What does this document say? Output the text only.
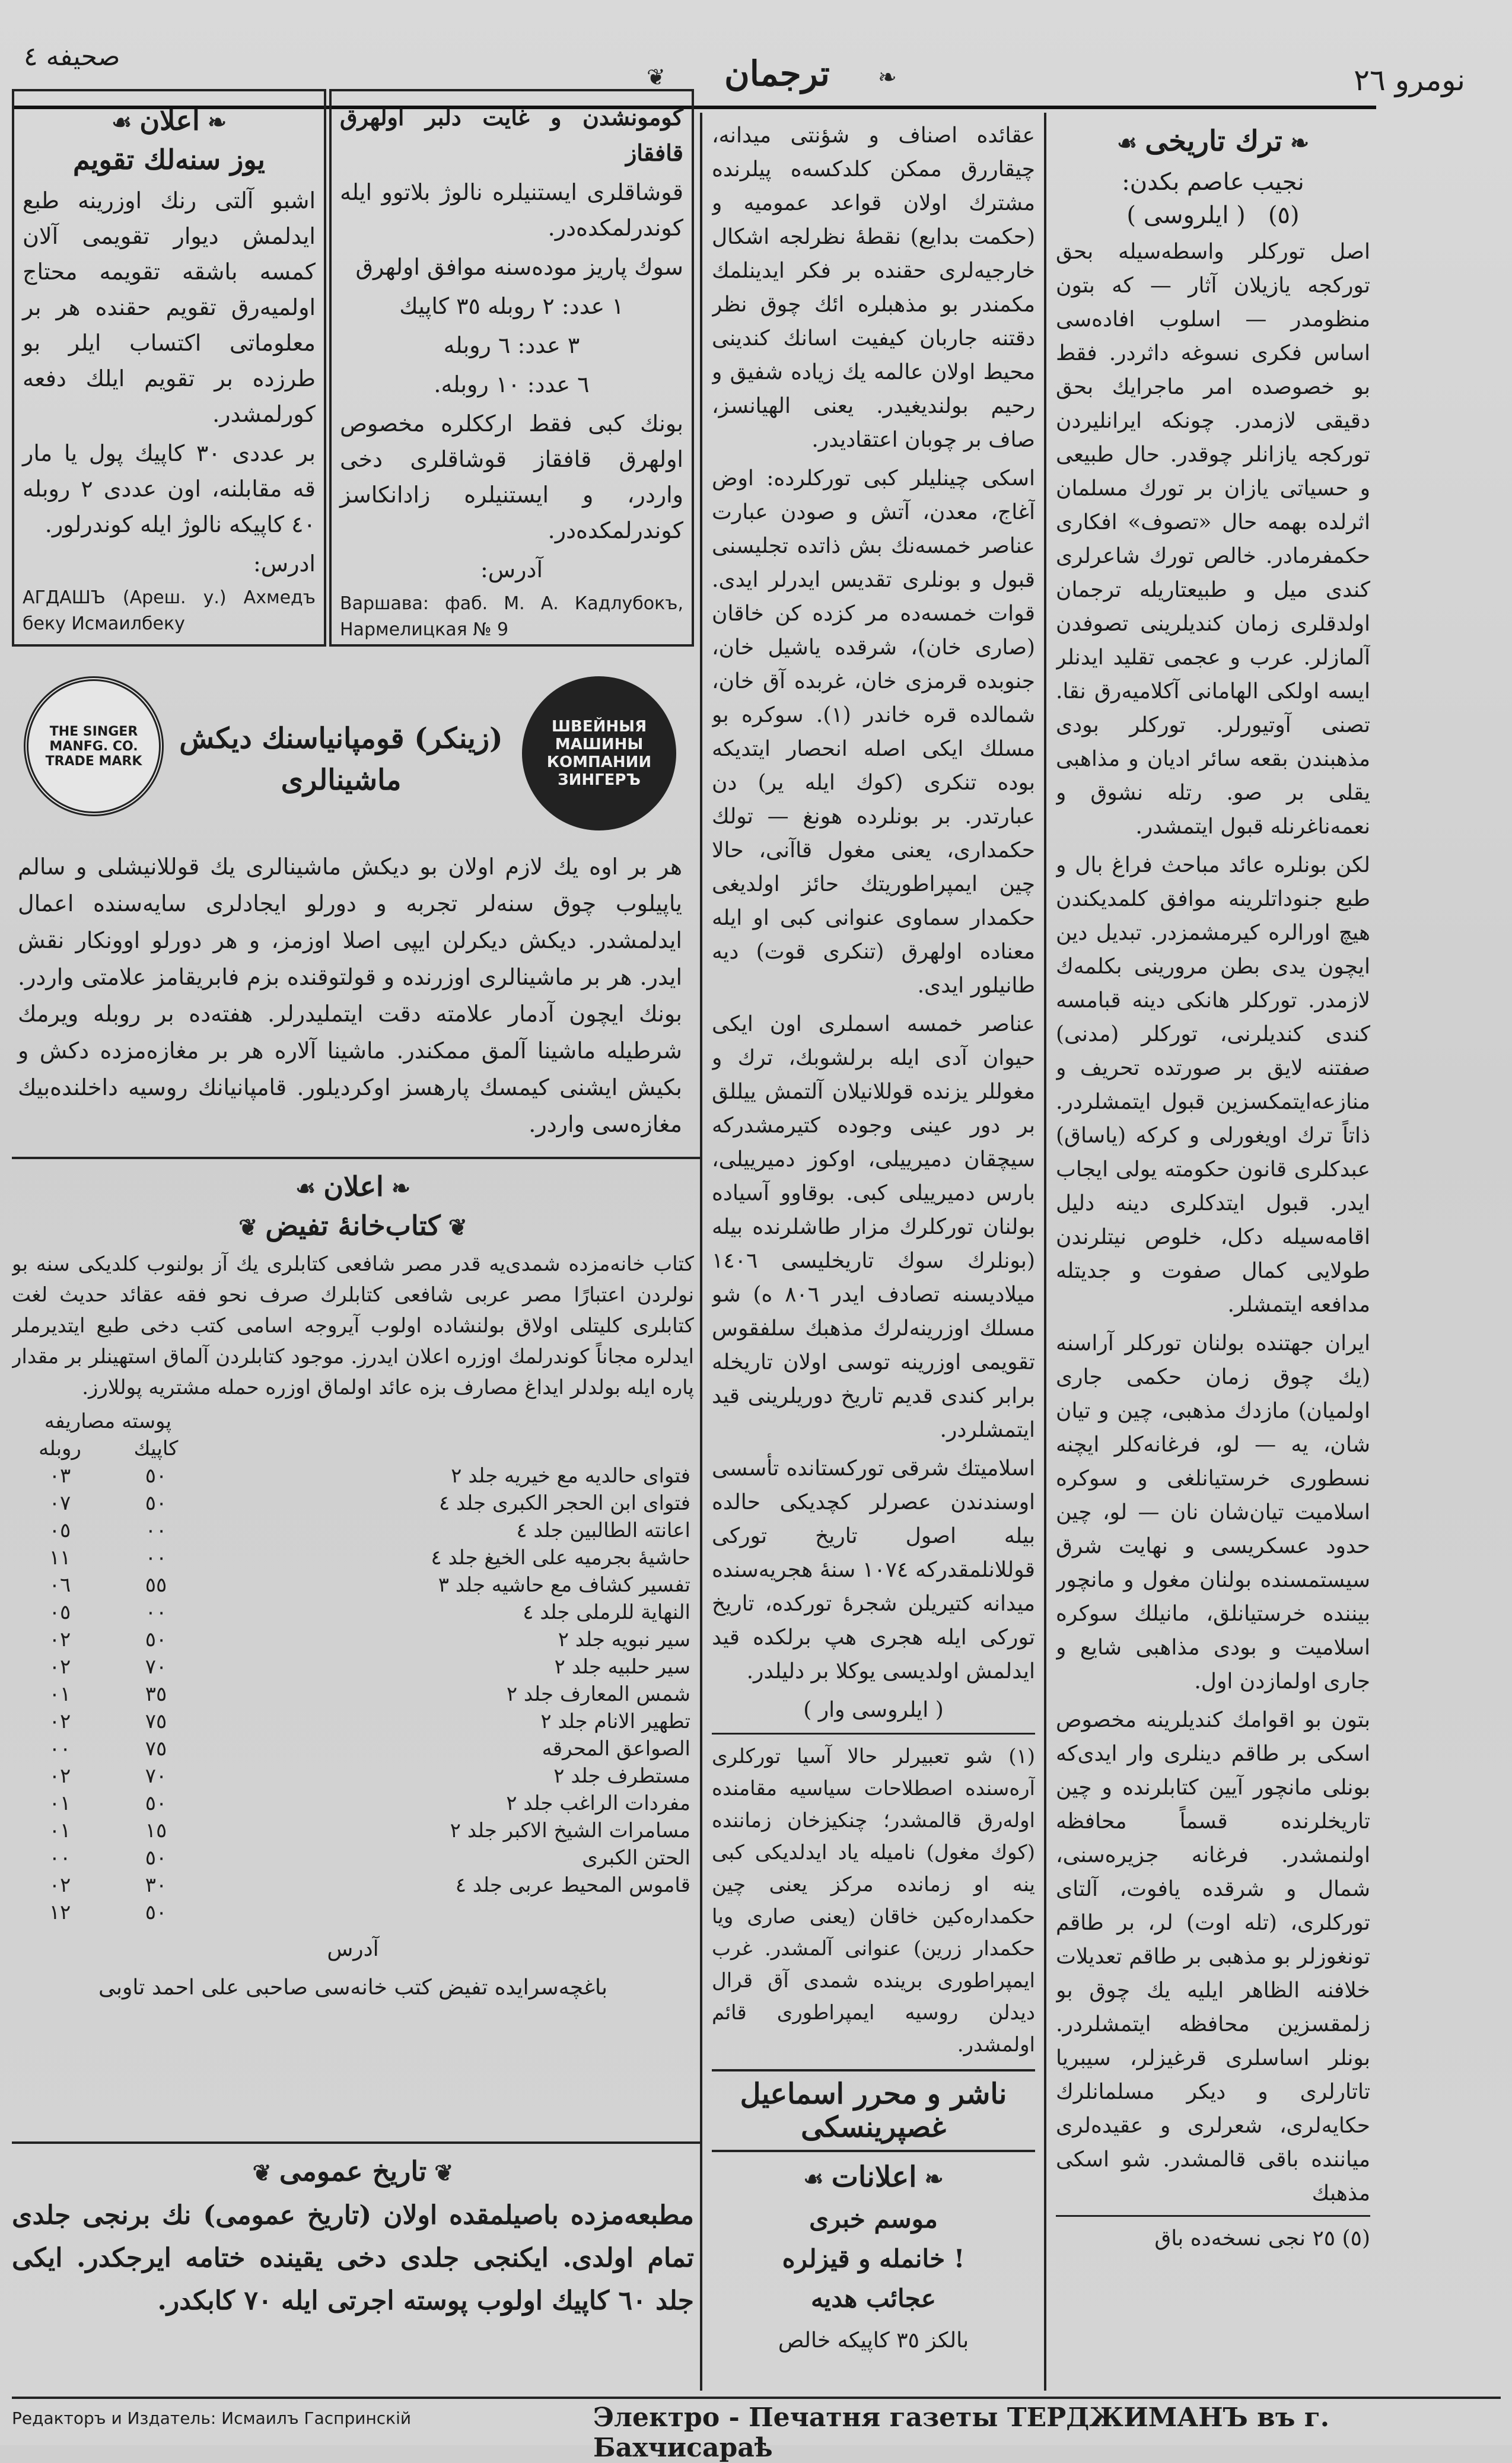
صحیفه ٤
❦	ترجمان	❧	نومرو ٢٦
❧ ترك تاریخی ☙
نجیب عاصم بكدن:
(٥)   ( ایلروسی )

اصل تورکلر واسطه‌سیله بحق تورکجه یازیلان آثار — که بتون منظومدر — اسلوب افاده‌سی اساس فکری نسوغه داثردر. فقط بو خصوصده امر ماجرایك بحق دقیقی لازمدر. چونكه ایرانلیردن تورکجه یازانلر چوقدر. حال طبیعی و حسیاتی یازان بر تورك مسلمان اثرلده بهمه حال «تصوف» افکاری حکمفرمادر. خالص تورك شاعرلری کندی میل و طبیعتاریله ترجمان اولدقلری زمان کندیلرینی تصوفدن آلمازلر. عرب و عجمی تقلید ایدنلر ایسه اولکی الهامانی آکلامیه‌رق نقا. تصنی آوتیورلر. تورکلر بودی مذهبندن بقعه سائر ادیان و مذاهبی یقلی بر صو. رتله نشوق و نعمه‌ناغرنله قبول ایتمشدر.

لکن بونلره عائد مباحث فراغ بال و طبع جنوداتلرینه موافق کلمدیکندن هیچ اورالره کیرمشمزدر. تبدیل دین ایچون یدی بطن مرورینی بکلمه‌ك لازمدر. تورکلر هانکی دینه قبامسه کندی کندیلرنی، تورکلر (مدنی) صفتنه لایق بر صورتده تحریف و منازعه‌ایتمکسزین قبول ایتمشلردر. ذاتاً ترك اویغورلی و کرکه (یاساق) عبدکلری قانون حکومته یولی ایجاب ایدر. قبول ایتدکلری دینه دلیل اقامه‌سیله دکل، خلوص نیتلرندن طولایی کمال صفوت و جدیتله مدافعه ایتمشلر.

ایران جهتنده بولنان تورکلر آراسنه (یك چوق زمان حکمی جاری اولمیان) مازدك مذهبی، چین و تیان شان، یه — لو، فرغانه‌کلر ایچنه نسطوری خرستیانلغی و سوکره اسلامیت تیان‌شان نان — لو، چین حدود عسکریسی و نهایت شرق سیستمسنده بولنان مغول و مانچور بیننده خرستیانلق، مانیلك سوکره اسلامیت و بودی مذاهبی شایع و جاری اولمازدن اول.

بتون بو اقوامك کندیلرینه مخصوص اسكی بر طاقم دینلری وار ایدی‌که بونلی مانچور آیین کتابلرنده و چین تاریخلرنده قسماً محافظه اولنمشدر. فرغانه جزیره‌سنی، شمال و شرقده یافوت، آلتای تورکلری، (تله اوت) لر، بر طاقم تونغوزلر بو مذهبی بر طاقم تعدیلات خلافنه الظاهر ایلیه یك چوق بو زلمقسزین محافظه ایتمشلردر. بونلر اساسلری قرغیزلر، سیبریا تاتارلری و دیکر مسلمانلرك حكايه‌لری، شعرلری و عقیده‌لری میاننده باقی قالمشدر. شو اسكی مذهبك

(٥) ٢٥ نجی نسخه‌ده باق

عقائده اصناف و شؤنتی میدانه، چیقاررق ممکن کلدکسه‌ه پیلرنده مشترك اولان قواعد عمومیه و (حکمت بدایع) نقطهٔ نظرلجه اشکال خارجیه‌لری حقنده بر فکر ایدینلمك مکمندر بو مذهبلره ائك چوق نظر دقتنه جاربان کیفیت اسانك کندینی محیط اولان عالمه یك زیاده شفیق و رحیم بولندیغیدر. یعنی الهیانسز، صاف بر چوبان اعتقادیدر.

اسكی چینلیلر کبی تورکلرده: اوض آغاج، معدن، آتش و صودن عبارت عناصر خمسه‌نك بش ذاتده تجلیسنی قبول و بونلری تقدیس ایدرلر ایدی. قوات خمسه‌ده مر کزده کن خاقان (صاری خان)، شرقده یاشیل خان، جنوبده قرمزی خان، غربده آق خان، شمالده قره خاندر (١). سوکره بو مسلك ایکی اصله انحصار ایتدیکه بوده تنکری (کوك ایله یر) دن عبارتدر. بر بونلرده هونغ — تولك حکمداری، یعنی مغول قاآنی، حالا چین ایمپراطوریتك حائز اولدیغی حکمدار سماوی عنوانی کبی او ایله معناده اولهرق (تنکری قوت) دیه طانیلور ایدی.

عناصر خمسه اسملری اون ایکی حیوان آدی ایله برلشوبك، ترك و مغوللر یزنده قوللانیلان آلتمش ییللق بر دور عینی وجوده کتیرمشدرکه سیچقان دمیرییلی، اوکوز دمیرییلی، بارس دمیرییلی کبی. بوقاوو آسیاده بولنان تورکلرك مزار طاشلرنده بیله (بونلرك سوك تاریخلیسی ١٤٠٦ میلادیسنه تصادف ایدر ٨٠٦ ه) شو مسلك اوزرینه‌لرك مذهبك سلفقوس تقویمی اوزرینه توسی اولان تاریخله برابر کندی قدیم تاریخ دوریلرینی قید ایتمشلردر.

اسلامیتك شرقی تورکستانده تأسسی اوسندندن عصرلر کچدیکی حالده بیله اصول تاریخ تورکی قوللانلمقدرکه ١٠٧٤ سنهٔ هجریه‌سنده میدانه کتیریلن شجرهٔ تورکده، تاریخ تورکی ایله هجری هپ برلکده قید ایدلمش اولدیسی یوکلا بر دلیلدر.

( ایلروسی وار )

(١) شو تعبیرلر حالا آسیا تورکلری آره‌سنده اصطلاحات سیاسیه مقامنده اوله‌رق قالمشدر؛ چنکیزخان زماننده (کوك مغول) نامیله یاد ایدلدیکی کبی ینه او زمانده مرکز یعنی چین حکمداره‌کین خاقان (یعنی صاری ویا حکمدار زرین) عنوانی آلمشدر. غرب ایمپراطوری برینده شمدی آق قرال دیدلن روسیه ایمپراطوری قائم اولمشدر.

ناشر و محرر اسماعیل غصپرینسکی
❧ اعلانات ☙
موسم خبری
! خانمله و قیزلره
عجائب هدیه

بالکز ٣٥ کاپیکه خالص

کومونشدن و غایت دلبر اولهرق قافقاز

قوشاقلری ایستنیلره نالوژ بلاتوو ایله کوندرلمکده‌در.

سوك پاریز موده‌سنه موافق اولهرق

١ عدد: ٢ روبله ٣٥ کاپیك

٣ عدد: ٦ روبله

٦ عدد: ١٠ روبله.

بونك کبی فقط ارککلره مخصوص اولهرق قافقاز قوشاقلری دخی واردر، و ایستنیلره زادانکاسز کوندرلمکده‌در.

آدرس:

Варшава: фаб. М. А. Кадлубокъ, Нармелицкая № 9

❧ اعلان ☙
یوز سنه‌لك تقویم

اشبو آلتی رنك اوزرینه طبع ایدلمش دیوار تقویمی آلان کمسه باشقه تقویمه محتاج اولمیه‌رق تقویم حقنده هر بر معلوماتی اکتساب ایلر بو طرزده بر تقویم ایلك دفعه کورلمشدر.

بر عددی ٣٠ کاپیك پول یا مار قه مقابلنه، اون عددی ٢ روبله ٤٠ کاپیکه نالوژ ایله کوندرلور.

ادرس:

АГДАШЪ (Ареш. у.) Ахмедъ беку Исмаилбеку

THE SINGER MANFG. CO. TRADE MARK
ШВЕЙНЫЯ МАШИНЫ КОМПАНИИ ЗИНГЕРЪ
(زینکر) قومپانیاسنك دیکش ماشینالری

هر بر اوه یك لازم اولان بو دیکش ماشینالری یك قوللانیشلی و سالم یاپیلوب چوق سنه‌لر تجربه و دورلو ایجادلری سایه‌سنده اعمال ایدلمشدر. دیکش دیکرلن ایپی اصلا اوزمز، و هر دورلو اوونکار نقش ایدر. هر بر ماشینالری اوزرنده و قولتوقنده بزم فابریقامز علامتی واردر. بونك ایچون آدمار علامته دقت ایتملیدرلر. هفته‌ده بر روبله ویرمك شرطیله ماشینا آلمق ممکندر. ماشینا آلاره هر بر مغازه‌مزده دکش و بکیش ایشنی کیمسك پارهسز اوکردیلور. قامپانیانك روسیه داخلنده‌بیك مغازه‌سی واردر.

❧ اعلان ☙
❦ کتاب‌خانهٔ تفیض ❦

کتاب خانه‌مزده شمدی‌یه قدر مصر شافعی کتابلری یك آز بولنوب کلدیکی سنه بو نولردن اعتبارًا مصر عربی شافعی کتابلرك صرف نحو فقه عقائد حدیث لغت کتابلری کلیتلی اولاق بولنشاده اولوب آیروجه اسامی کتب دخی طبع ایتدیرملر ایدلره مجاناً کوندرلمك اوزره اعلان ایدرز. موجود کتابلردن آلماق استهینلر بر مقدار پاره ایله بولدلر ایداغ مصارف بزه عائد اولماق اوزره حمله مشتریه پوللارز.

	پوسته مصاریفه	
	کاپیك	روبله
فتوای حالدیه مع خیریه جلد ٢	٥٠	٠٣
فتوای ابن الحجر الکبری جلد ٤	٥٠	٠٧
اعانته الطالبین جلد ٤	٠٠	٠٥
حاشیهٔ بجرمیه علی الخیغ جلد ٤	٠٠	١١
تفسیر کشاف مع حاشیه جلد ٣	٥٥	٠٦
النهایة للرملی جلد ٤	٠٠	٠٥
سیر نبویه جلد ٢	٥٠	٠٢
سیر حلبیه جلد ٢	٧٠	٠٢
شمس المعارف جلد ٢	٣٥	٠١
تطهیر الانام جلد ٢	٧٥	٠٢
الصواعق المحرقه	٧٥	٠٠
مستطرف جلد ٢	٧٠	٠٢
مفردات الراغب جلد ٢	٥٠	٠١
مسامرات الشیخ الاکبر جلد ٢	١٥	٠١
الحتن الکبری	٥٠	٠٠
قاموس المحیط عربی جلد ٤	٣٠	٠٢
	٥٠	١٢

آدرس

باغچه‌سرایده تفیض کتب خانه‌سی صاحبی علی احمد تاوبی

❦ تاریخ عمومی ❦

مطبعه‌مزده باصیلمقده اولان (تاریخ عمومی) نك برنجی جلدی تمام اولدی. ایکنجی جلدی دخی یقینده ختامه ایرجکدر. ایکی جلد ٦٠ کاپیك اولوب پوسته اجرتی ایله ٧٠ کابکدر.

Редакторъ и Издатель: Исмаилъ Гаспринскій	Электро - Печатня газеты ТЕРДЖИМАНЪ въ г. Бахчисараѣ
